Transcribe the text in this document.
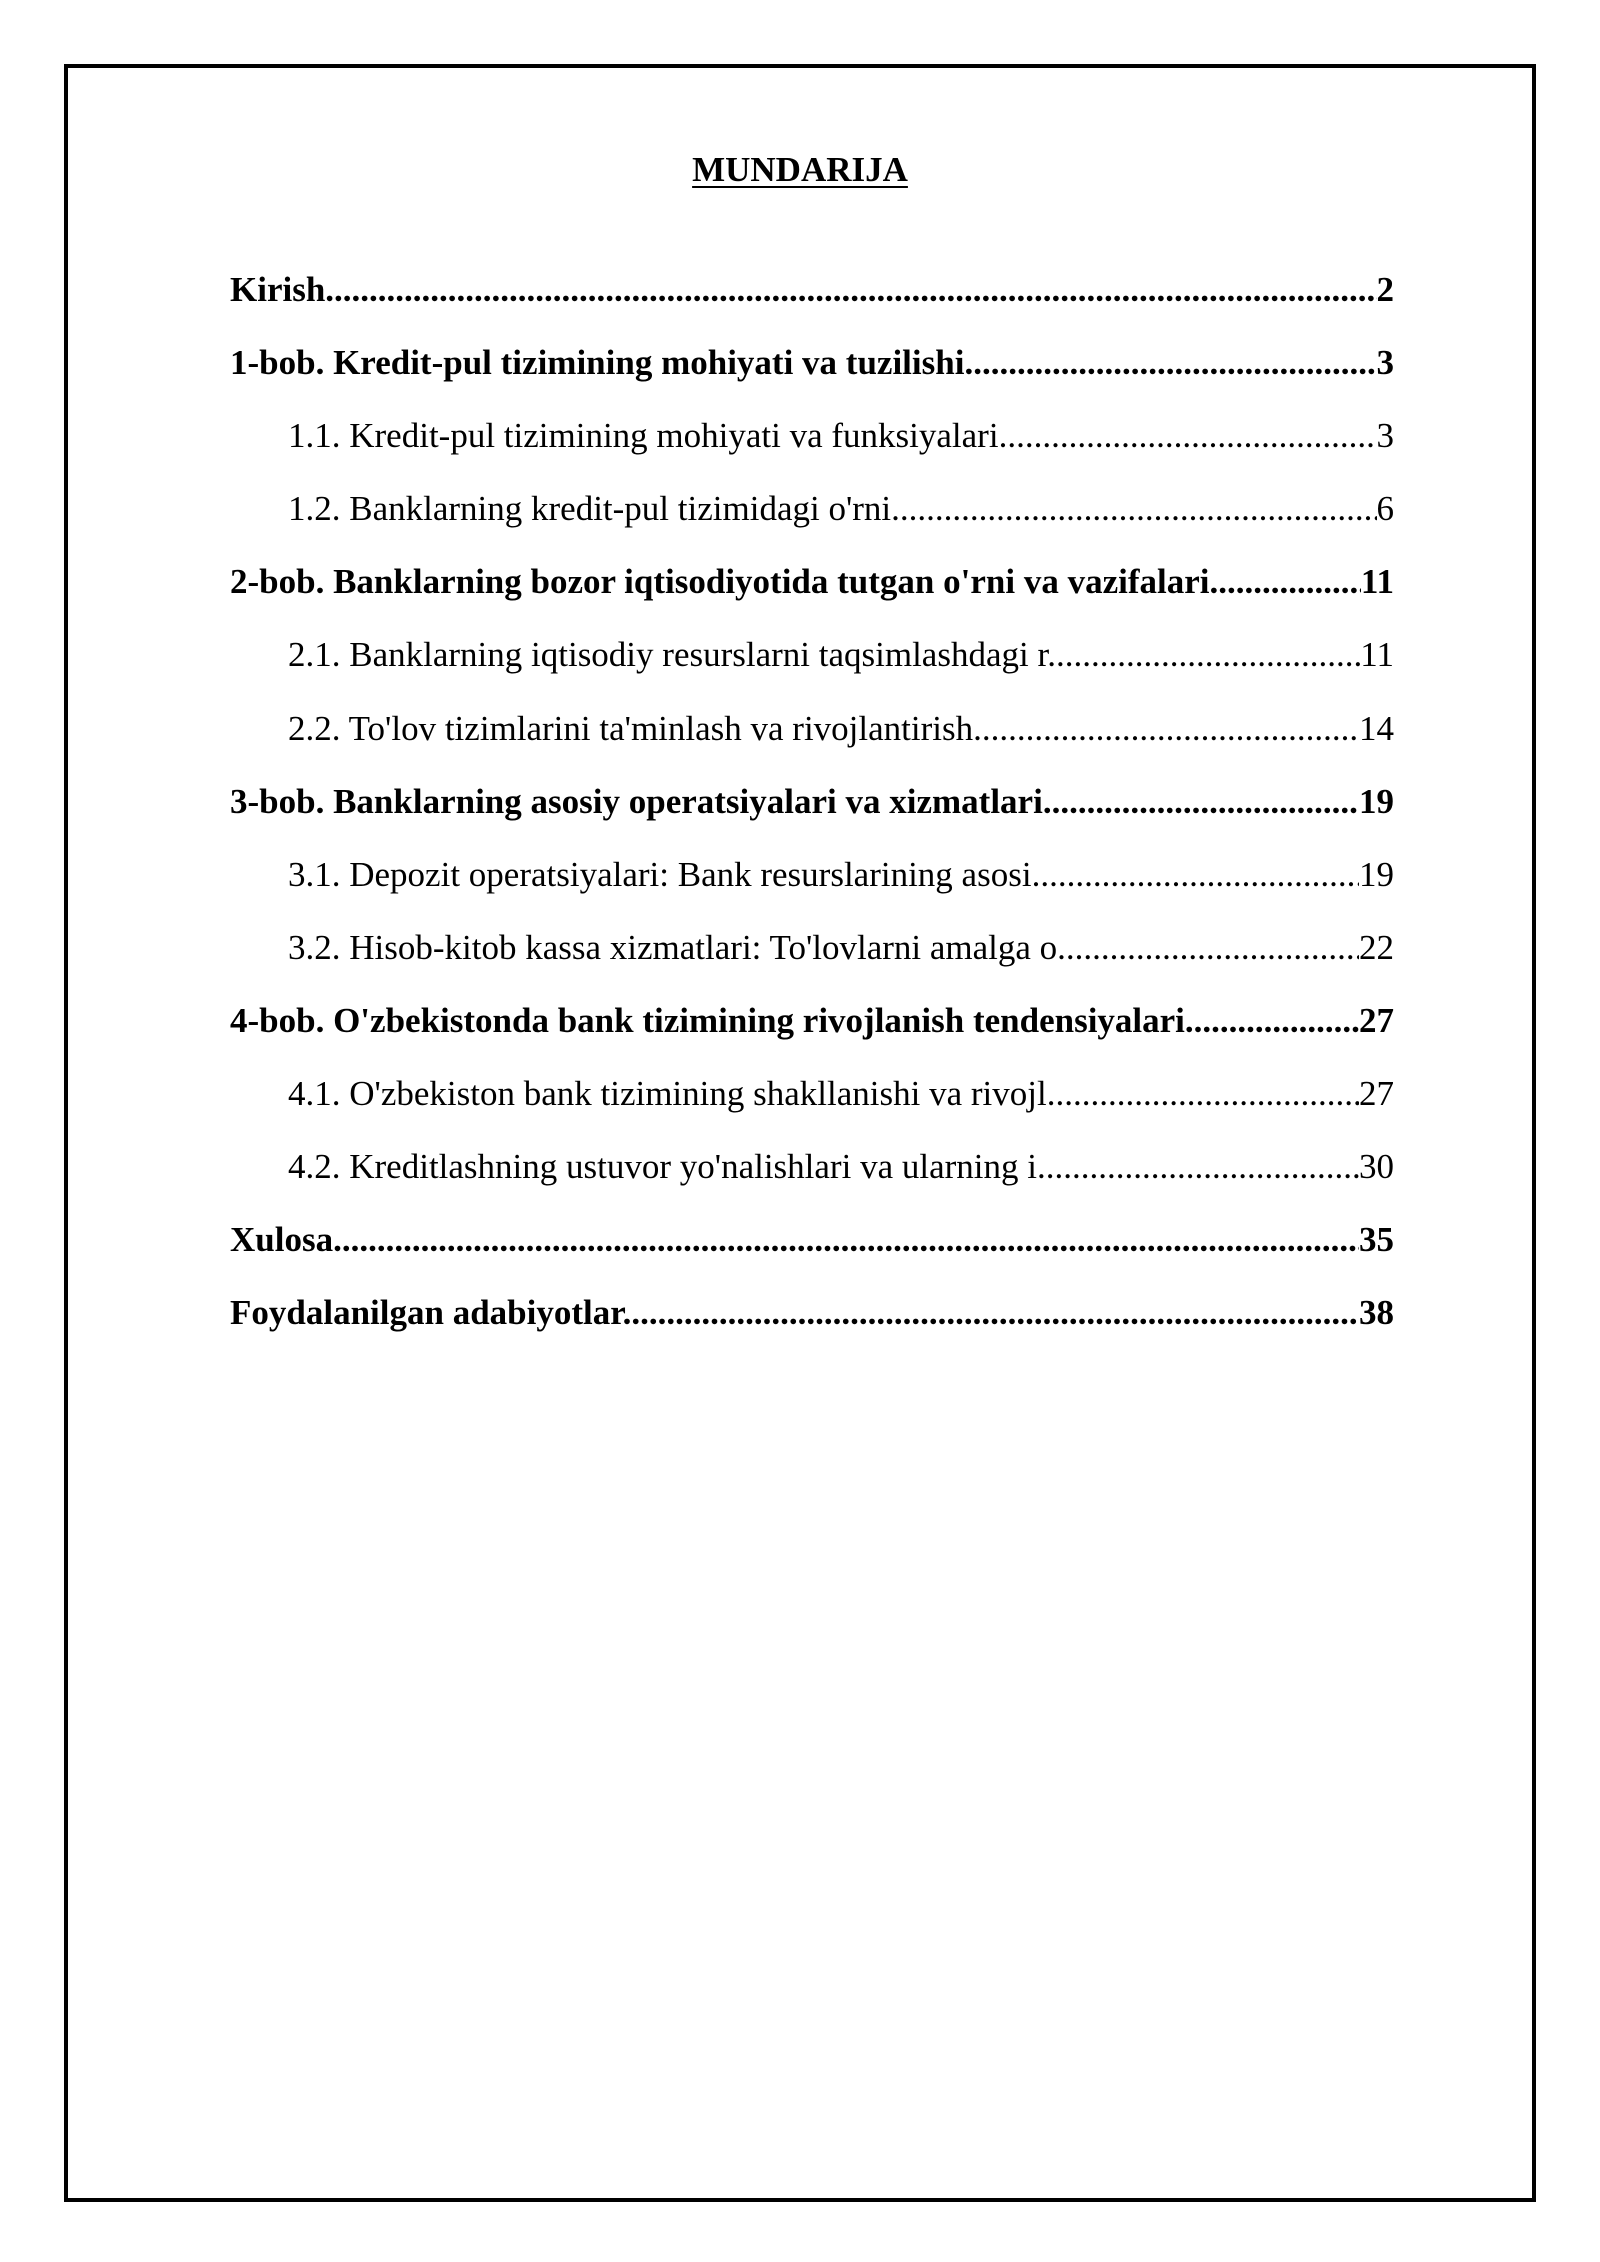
MUNDARIJA
Kirish .....	2
1-bob. Kredit-pul tizimining mohiyati va tuzilishi .....	3
1.1. Kredit-pul tizimining mohiyati va funksiyalari .....	3
1.2. Banklarning kredit-pul tizimidagi o'rni .....	6
2-bob. Banklarning bozor iqtisodiyotida tutgan o'rni va vazifalari .....	11
2.1. Banklarning iqtisodiy resurslarni taqsimlashdagi r .....	11
2.2. To'lov tizimlarini ta'minlash va rivojlantirish .....	14
3-bob. Banklarning asosiy operatsiyalari va xizmatlari .....	19
3.1. Depozit operatsiyalari: Bank resurslarining asosi .....	19
3.2. Hisob-kitob kassa xizmatlari: To'lovlarni amalga o .....	22
4-bob. O'zbekistonda bank tizimining rivojlanish tendensiyalari .....	27
4.1. O'zbekiston bank tizimining shakllanishi va rivojl .....	27
4.2. Kreditlashning ustuvor yo'nalishlari va ularning i .....	30
Xulosa .....	35
Foydalanilgan adabiyotlar .....	38
